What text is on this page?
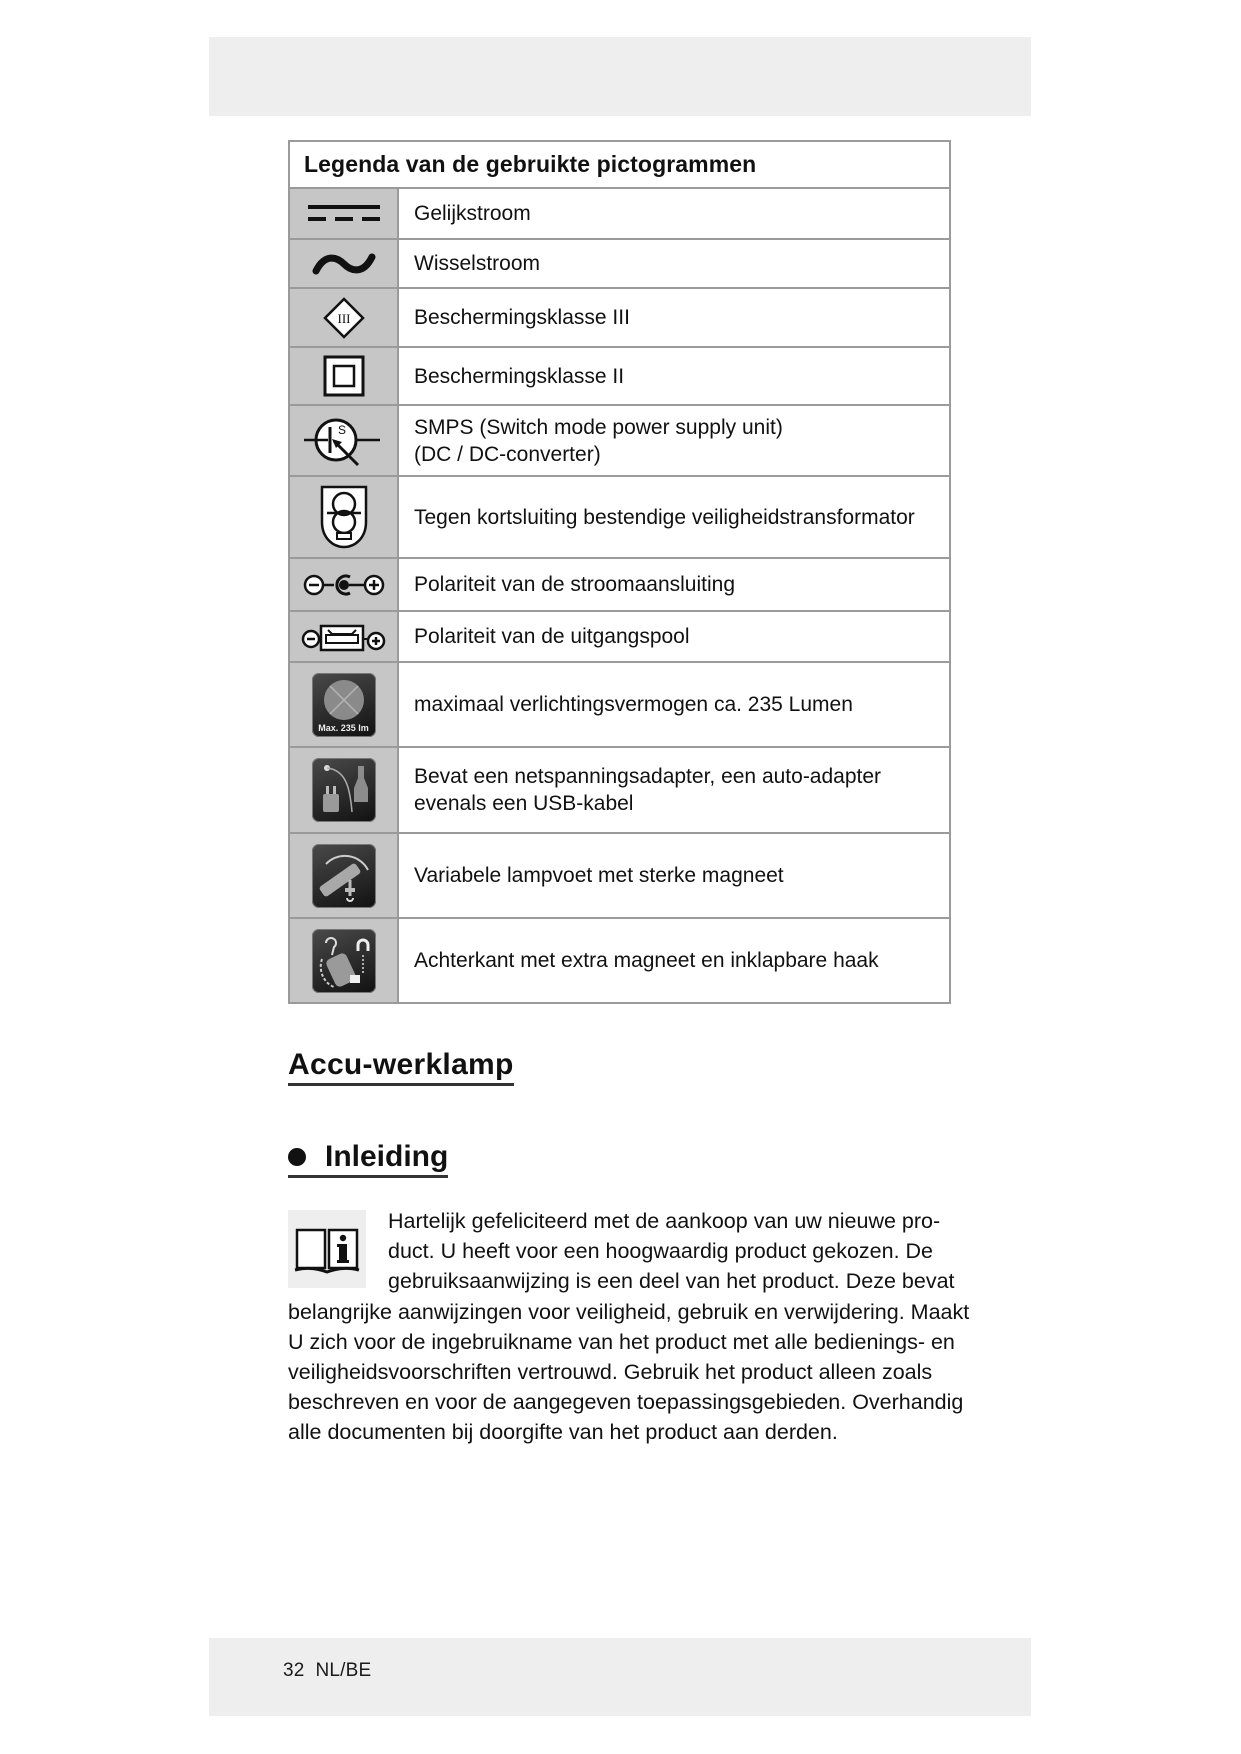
Legenda van de gebruikte pictogrammen
Gelijkstroom
Wisselstroom
III	Beschermingsklasse III
Beschermingsklasse II
S	SMPS (Switch mode power supply unit)
(DC / DC-converter)
Tegen kortsluiting bestendige veiligheidstransformator
Polariteit van de stroomaansluiting
Polariteit van de uitgangspool
Max. 235 lm
maximaal verlichtingsvermogen ca. 235 Lumen
Bevat een netspanningsadapter, een auto-adapter
evenals een USB-kabel
Variabele lampvoet met sterke magneet
Achterkant met extra magneet en inklapbare haak
Accu-werklamp
Inleiding
Hartelijk gefeliciteerd met de aankoop van uw nieuwe pro-
duct. U heeft voor een hoogwaardig product gekozen. De
gebruiksaanwijzing is een deel van het product. Deze bevat
belangrijke aanwijzingen voor veiligheid, gebruik en verwijdering. Maakt
U zich voor de ingebruikname van het product met alle bedienings- en
veiligheidsvoorschriften vertrouwd. Gebruik het product alleen zoals
beschreven en voor de aangegeven toepassingsgebieden. Overhandig
alle documenten bij doorgifte van het product aan derden.
32  NL/BE
